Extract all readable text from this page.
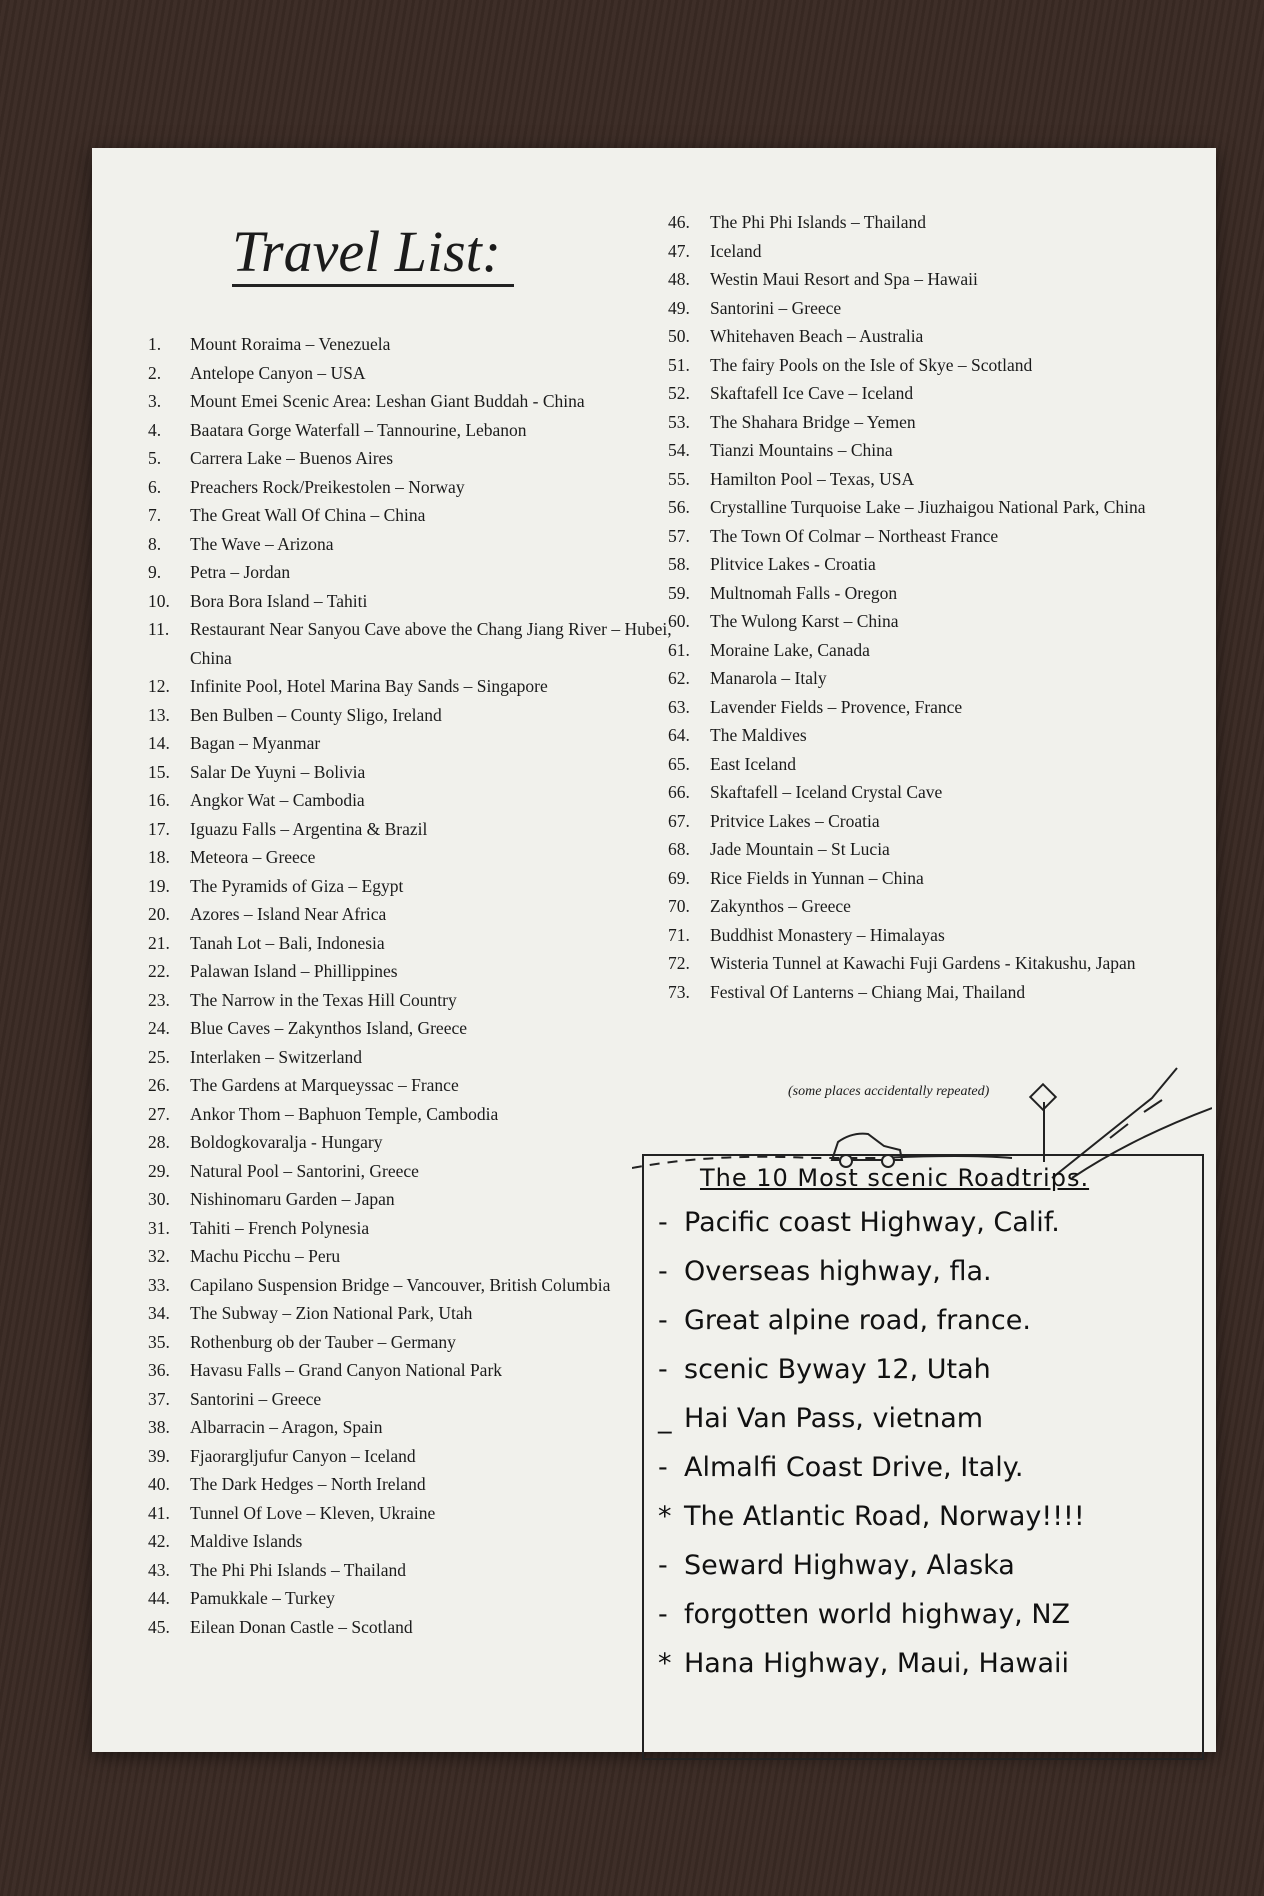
Travel List:
1.	Mount Roraima – Venezuela
2.	Antelope Canyon – USA
3.	Mount Emei Scenic Area: Leshan Giant Buddah - China
4.	Baatara Gorge Waterfall – Tannourine, Lebanon
5.	Carrera Lake – Buenos Aires
6.	Preachers Rock/Preikestolen – Norway
7.	The Great Wall Of China – China
8.	The Wave – Arizona
9.	Petra – Jordan
10.	Bora Bora Island – Tahiti
11.	Restaurant Near Sanyou Cave above the Chang Jiang River – Hubei, China
12.	Infinite Pool, Hotel Marina Bay Sands – Singapore
13.	Ben Bulben – County Sligo, Ireland
14.	Bagan – Myanmar
15.	Salar De Yuyni – Bolivia
16.	Angkor Wat – Cambodia
17.	Iguazu Falls – Argentina & Brazil
18.	Meteora – Greece
19.	The Pyramids of Giza – Egypt
20.	Azores – Island Near Africa
21.	Tanah Lot – Bali, Indonesia
22.	Palawan Island – Phillippines
23.	The Narrow in the Texas Hill Country
24.	Blue Caves – Zakynthos Island, Greece
25.	Interlaken – Switzerland
26.	The Gardens at Marqueyssac – France
27.	Ankor Thom – Baphuon Temple, Cambodia
28.	Boldogkovaralja - Hungary
29.	Natural Pool – Santorini, Greece
30.	Nishinomaru Garden – Japan
31.	Tahiti – French Polynesia
32.	Machu Picchu – Peru
33.	Capilano Suspension Bridge – Vancouver, British Columbia
34.	The Subway – Zion National Park, Utah
35.	Rothenburg ob der Tauber – Germany
36.	Havasu Falls – Grand Canyon National Park
37.	Santorini – Greece
38.	Albarracin – Aragon, Spain
39.	Fjaorargljufur Canyon – Iceland
40.	The Dark Hedges – North Ireland
41.	Tunnel Of Love – Kleven, Ukraine
42.	Maldive Islands
43.	The Phi Phi Islands – Thailand
44.	Pamukkale – Turkey
45.	Eilean Donan Castle – Scotland
46.	The Phi Phi Islands – Thailand
47.	Iceland
48.	Westin Maui Resort and Spa – Hawaii
49.	Santorini – Greece
50.	Whitehaven Beach – Australia
51.	The fairy Pools on the Isle of Skye – Scotland
52.	Skaftafell Ice Cave – Iceland
53.	The Shahara Bridge – Yemen
54.	Tianzi Mountains – China
55.	Hamilton Pool – Texas, USA
56.	Crystalline Turquoise Lake – Jiuzhaigou National Park, China
57.	The Town Of Colmar – Northeast France
58.	Plitvice Lakes - Croatia
59.	Multnomah Falls - Oregon
60.	The Wulong Karst – China
61.	Moraine Lake, Canada
62.	Manarola – Italy
63.	Lavender Fields – Provence, France
64.	The Maldives
65.	East Iceland
66.	Skaftafell – Iceland Crystal Cave
67.	Pritvice Lakes – Croatia
68.	Jade Mountain – St Lucia
69.	Rice Fields in Yunnan – China
70.	Zakynthos – Greece
71.	Buddhist Monastery – Himalayas
72.	Wisteria Tunnel at Kawachi Fuji Gardens - Kitakushu, Japan
73.	Festival Of Lanterns – Chiang Mai, Thailand
(some places accidentally repeated)
The 10 Most scenic Roadtrips.
- Pacific coast Highway, Calif.
- Overseas highway, fla.
- Great alpine road, france.
- scenic Byway 12, Utah
_ Hai Van Pass, vietnam
- Almalfi Coast Drive, Italy.
* The Atlantic Road, Norway!!!!
- Seward Highway, Alaska
- forgotten world highway, NZ
* Hana Highway, Maui, Hawaii
